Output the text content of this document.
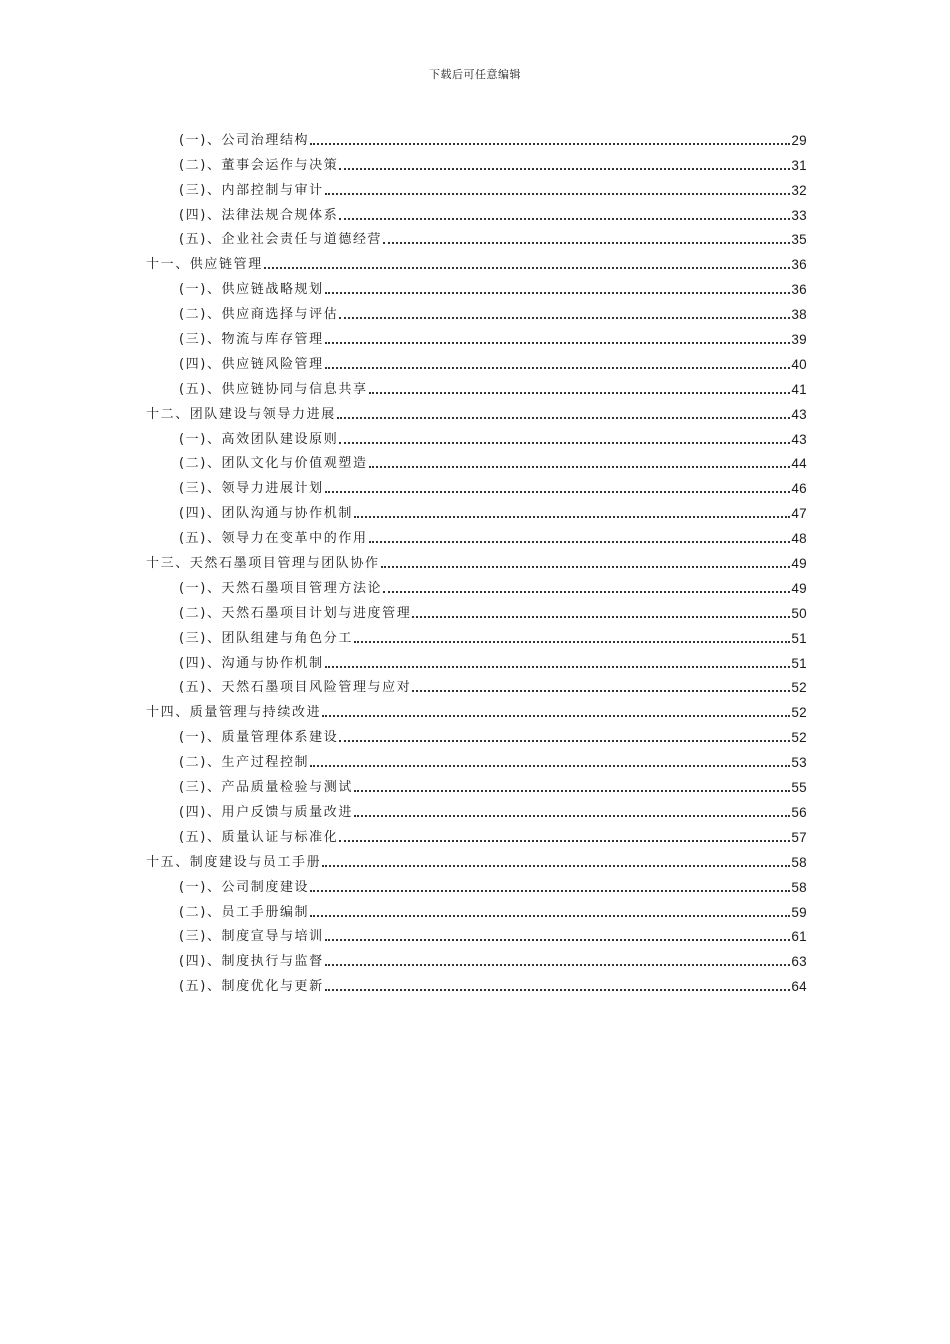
下载后可任意编辑
(一)、公司治理结构	29
(二)、董事会运作与决策	31
(三)、内部控制与审计	32
(四)、法律法规合规体系	33
(五)、企业社会责任与道德经营	35
十一、供应链管理	36
(一)、供应链战略规划	36
(二)、供应商选择与评估	38
(三)、物流与库存管理	39
(四)、供应链风险管理	40
(五)、供应链协同与信息共享	41
十二、团队建设与领导力进展	43
(一)、高效团队建设原则	43
(二)、团队文化与价值观塑造	44
(三)、领导力进展计划	46
(四)、团队沟通与协作机制	47
(五)、领导力在变革中的作用	48
十三、天然石墨项目管理与团队协作	49
(一)、天然石墨项目管理方法论	49
(二)、天然石墨项目计划与进度管理	50
(三)、团队组建与角色分工	51
(四)、沟通与协作机制	51
(五)、天然石墨项目风险管理与应对	52
十四、质量管理与持续改进	52
(一)、质量管理体系建设	52
(二)、生产过程控制	53
(三)、产品质量检验与测试	55
(四)、用户反馈与质量改进	56
(五)、质量认证与标准化	57
十五、制度建设与员工手册	58
(一)、公司制度建设	58
(二)、员工手册编制	59
(三)、制度宣导与培训	61
(四)、制度执行与监督	63
(五)、制度优化与更新	64
